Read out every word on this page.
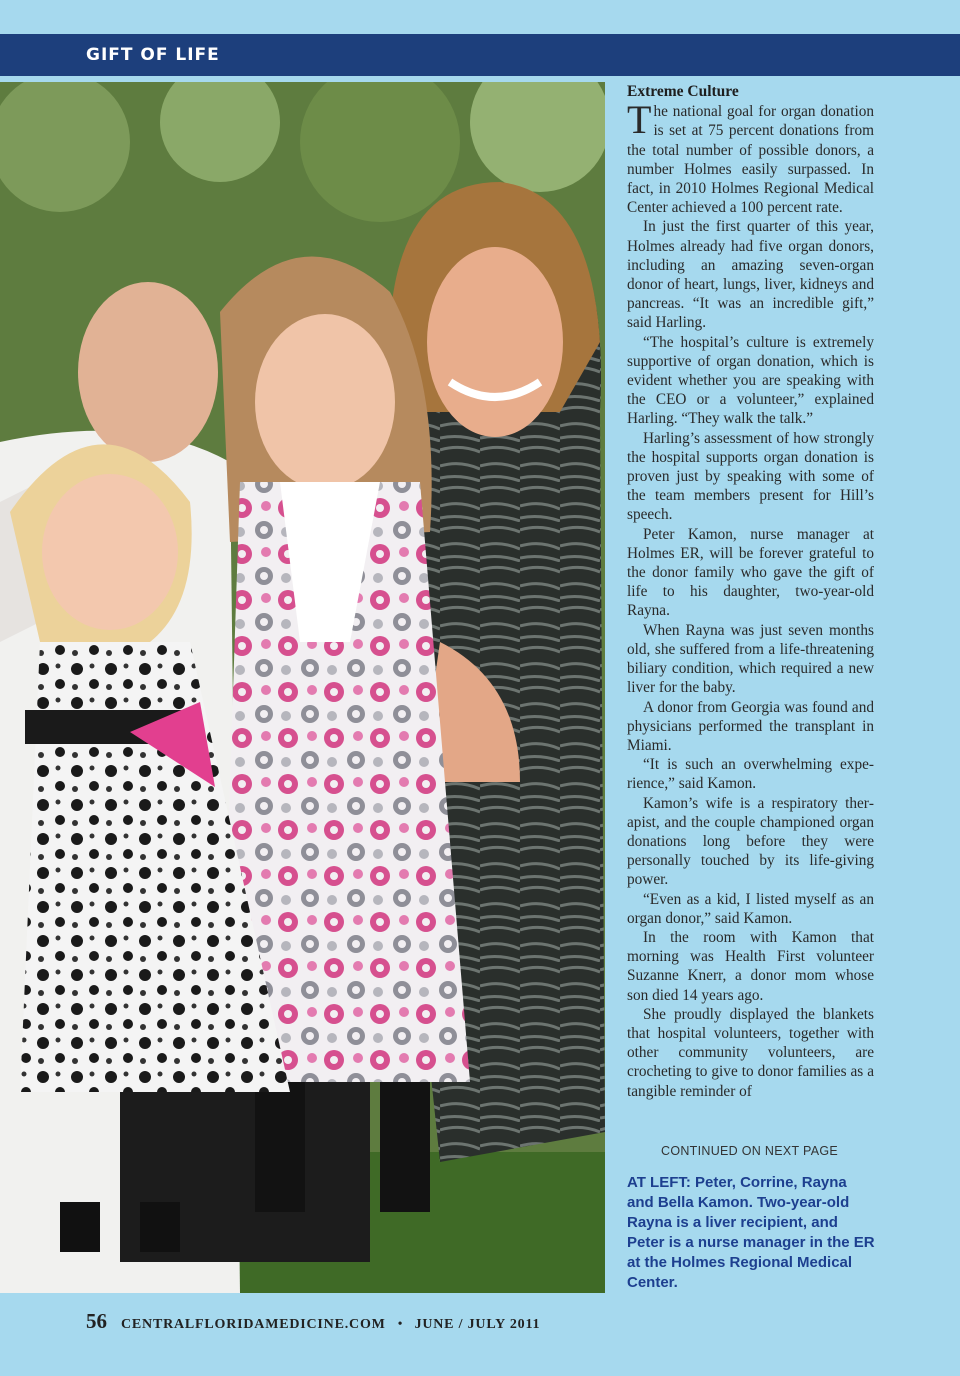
GIFT OF LIFE
Extreme Culture

The national goal for organ donation is set at 75 percent donations from the total number of possible donors, a number Holmes easily surpassed. In fact, in 2010 Holmes Regional Medical Center achieved a 100 percent rate.

In just the first quarter of this year, Holmes already had five organ donors, including an amazing seven-organ donor of heart, lungs, liver, kidneys and pancreas. “It was an incredible gift,” said Harling.

“The hospital’s culture is extremely supportive of organ donation, which is evident whether you are speaking with the CEO or a volunteer,” explained Harling. “They walk the talk.”

Harling’s assessment of how strongly the hospital supports organ donation is proven just by speaking with some of the team members present for Hill’s speech.

Peter Kamon, nurse manager at Holmes ER, will be forever grateful to the donor family who gave the gift of life to his daughter, two-year-old Rayna.

When Rayna was just seven months old, she suffered from a life-threatening biliary condition, which required a new liver for the baby.

A donor from Georgia was found and physicians performed the transplant in Miami.

“It is such an overwhelming experience,” said Kamon.

Kamon’s wife is a respiratory therapist, and the couple championed organ donations long before they were personally touched by its life-giving power.

“Even as a kid, I listed myself as an organ donor,” said Kamon.

In the room with Kamon that morning was Health First volunteer Suzanne Knerr, a donor mom whose son died 14 years ago.

She proudly displayed the blankets that hospital volunteers, together with other community volunteers, are crocheting to give to donor families as a tangible reminder of

CONTINUED ON NEXT PAGE
AT LEFT: Peter, Corrine, Rayna and Bella Kamon. Two-year-old Rayna is a liver recipient, and Peter is a nurse manager in the ER at the Holmes Regional Medical Center.
56 CENTRALFLORIDAMEDICINE.COM • JUNE / JULY 2011
